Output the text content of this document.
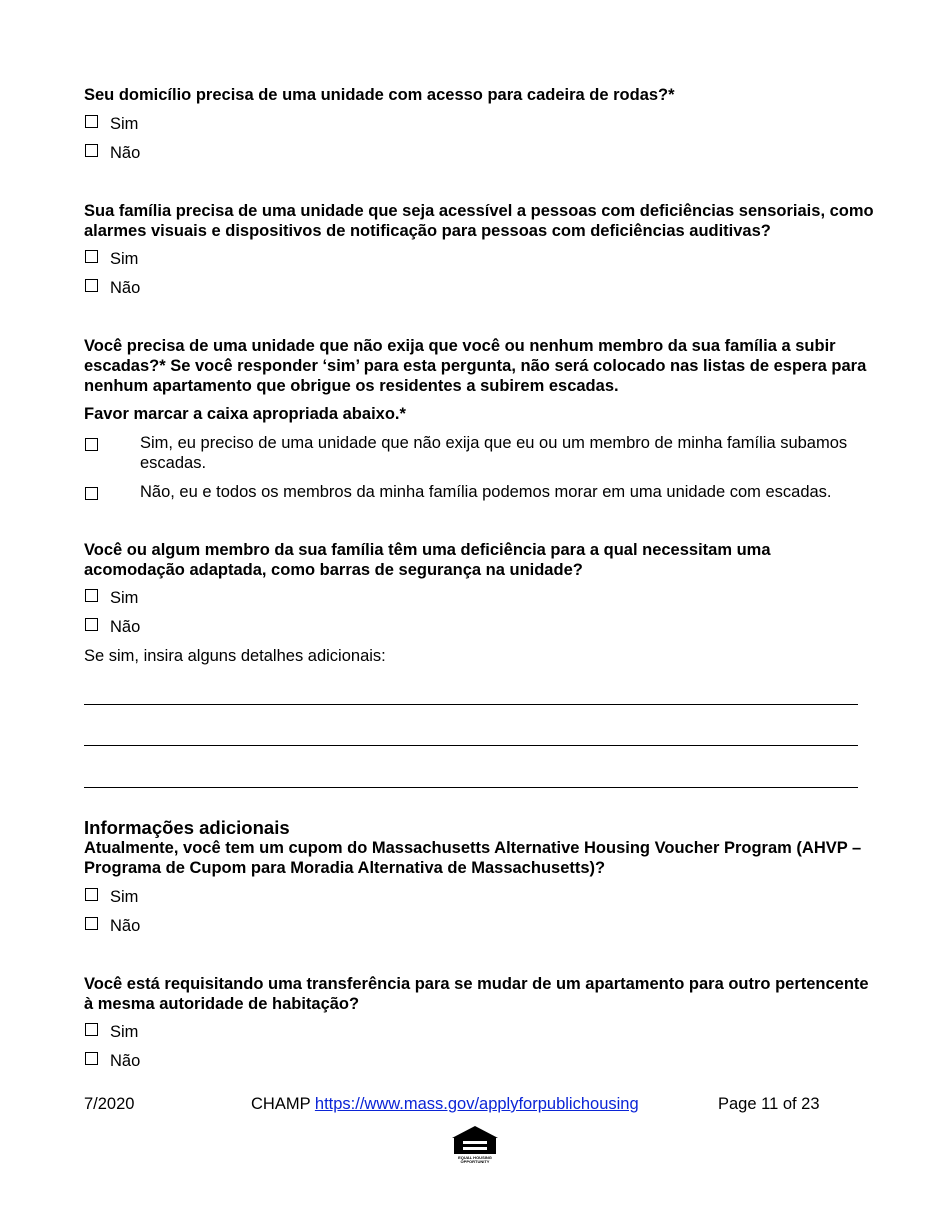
Seu domicílio precisa de uma unidade com acesso para cadeira de rodas?*
Sim
Não
Sua família precisa de uma unidade que seja acessível a pessoas com deficiências sensoriais, como alarmes visuais e dispositivos de notificação para pessoas com deficiências auditivas?
Sim
Não
Você precisa de uma unidade que não exija que você ou nenhum membro da sua família a subir escadas?* Se você responder ‘sim’ para esta pergunta, não será colocado nas listas de espera para nenhum apartamento que obrigue os residentes a subirem escadas.
Favor marcar a caixa apropriada abaixo.*
Sim, eu preciso de uma unidade que não exija que eu ou um membro de minha família subamos escadas.
Não, eu e todos os membros da minha família podemos morar em uma unidade com escadas.
Você ou algum membro da sua família têm uma deficiência para a qual necessitam uma acomodação adaptada, como barras de segurança na unidade?
Sim
Não
Se sim, insira alguns detalhes adicionais:
Informações adicionais
Atualmente, você tem um cupom do Massachusetts Alternative Housing Voucher Program (AHVP – Programa de Cupom para Moradia Alternativa de Massachusetts)?
Sim
Não
Você está requisitando uma transferência para se mudar de um apartamento para outro pertencente à mesma autoridade de habitação?
Sim
Não
7/2020	CHAMP https://www.mass.gov/applyforpublichousing	Page 11 of 23
EQUAL HOUSING OPPORTUNITY
